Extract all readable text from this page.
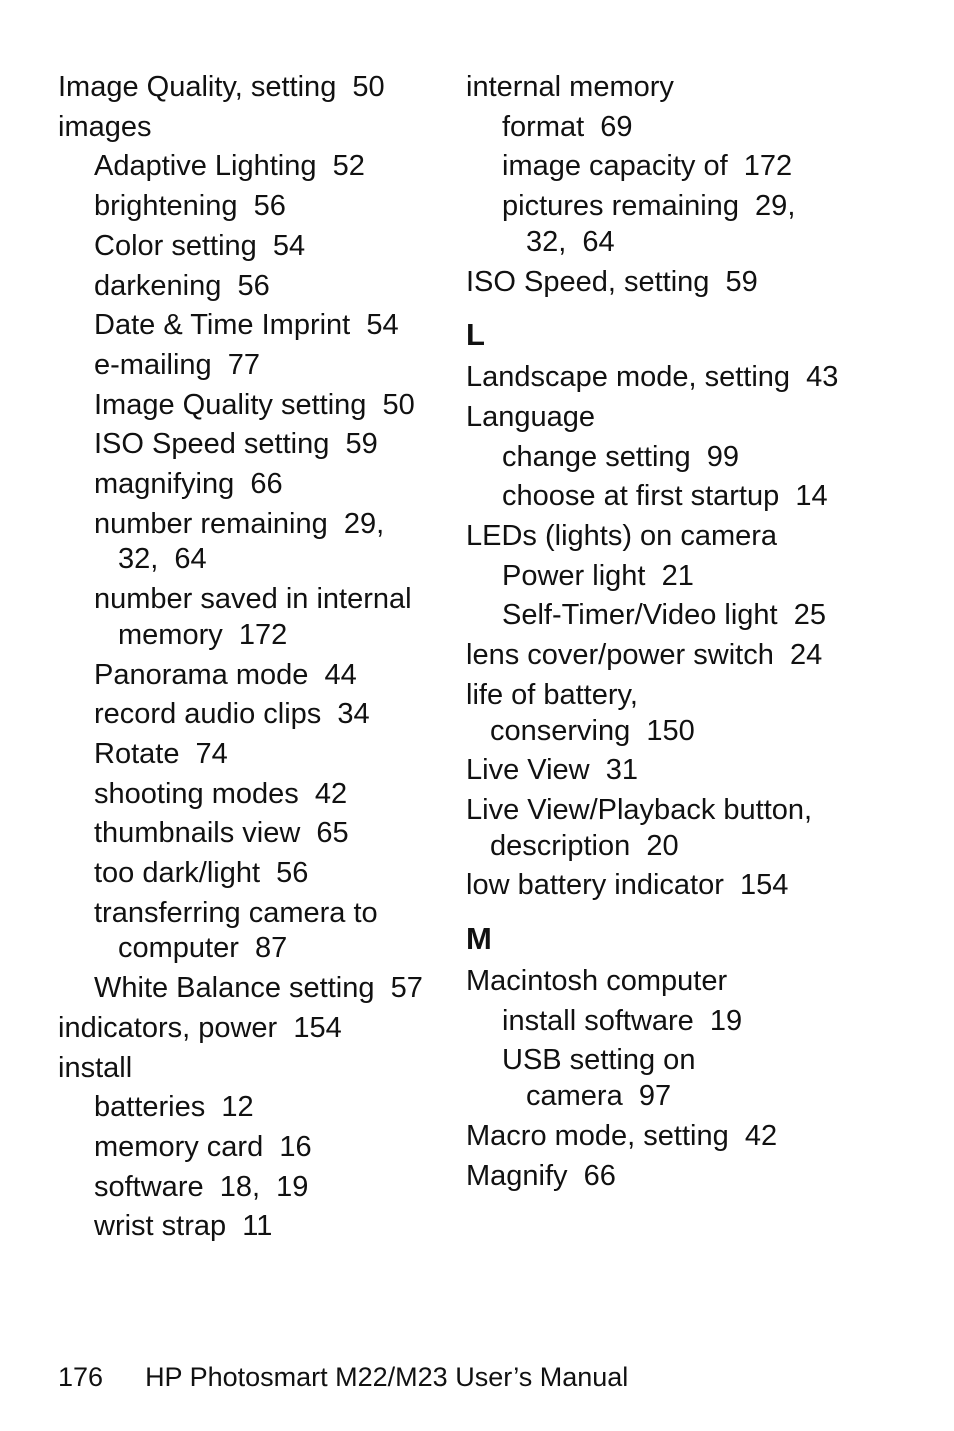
Image Quality, setting  50
images
Adaptive Lighting  52
brightening  56
Color setting  54
darkening  56
Date & Time Imprint  54
e-mailing  77
Image Quality setting  50
ISO Speed setting  59
magnifying  66
number remaining  29,
32,  64
number saved in internal
memory  172
Panorama mode  44
record audio clips  34
Rotate  74
shooting modes  42
thumbnails view  65
too dark/light  56
transferring camera to
computer  87
White Balance setting  57
indicators, power  154
install
batteries  12
memory card  16
software  18,  19
wrist strap  11
internal memory
format  69
image capacity of  172
pictures remaining  29,
32,  64
ISO Speed, setting  59
L
Landscape mode, setting  43
Language
change setting  99
choose at first startup  14
LEDs (lights) on camera
Power light  21
Self-Timer/Video light  25
lens cover/power switch  24
life of battery,
conserving  150
Live View  31
Live View/Playback button,
description  20
low battery indicator  154
M
Macintosh computer
install software  19
USB setting on
camera  97
Macro mode, setting  42
Magnify  66
176 HP Photosmart M22/M23 User’s Manual
